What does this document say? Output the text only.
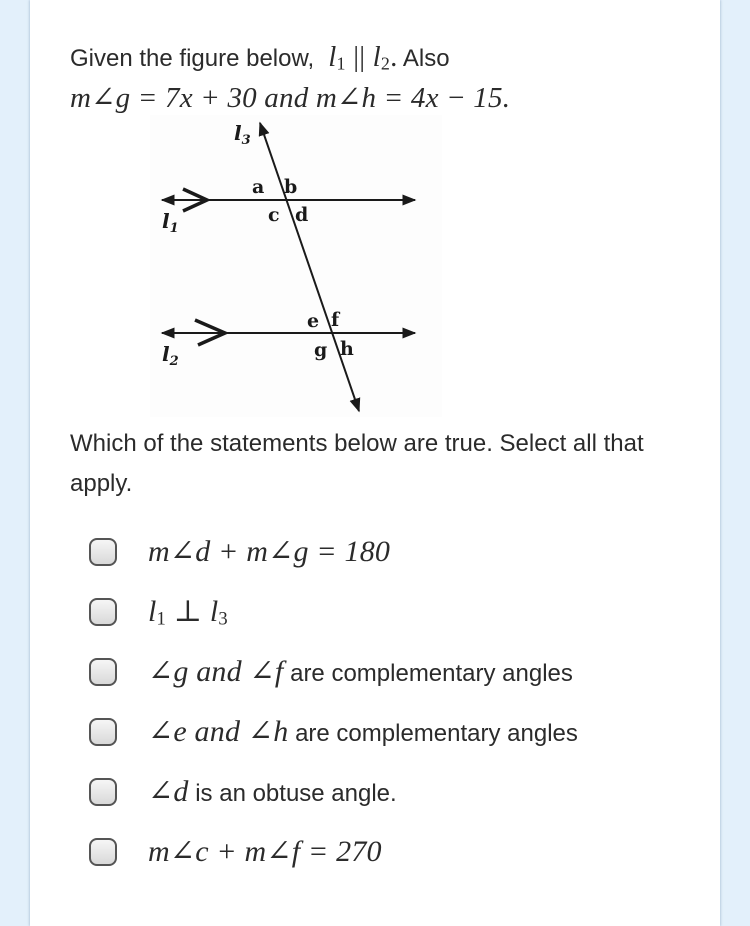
Given the figure below, $l_1$ || $l_2$. Also
m∠g = 7x + 30 and m∠h = 4x − 15.
$l_3$
$l_1$
$l_2$
a b
c d
e f
g h
Which of the statements below are true. Select all that apply.
m∠d + m∠g = 180
$l_1$ ⊥ $l_3$
∠g and ∠f are complementary angles
∠e and ∠h are complementary angles
∠d is an obtuse angle.
m∠c + m∠f = 270
